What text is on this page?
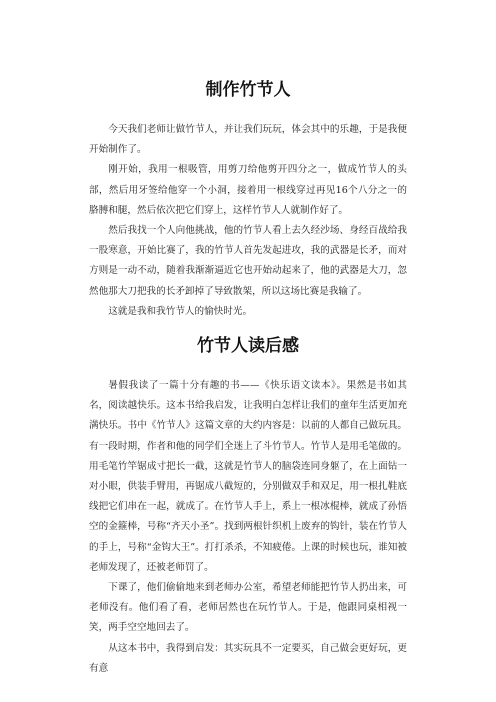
制作竹节人

今天我们老师让做竹节人，并让我们玩玩，体会其中的乐趣，于是我便开始制作了。

刚开始，我用一根吸管，用剪刀给他剪开四分之一，做成竹节人的头部，然后用牙签给他穿一个小洞，接着用一根线穿过再见16个八分之一的胳膊和腿，然后依次把它们穿上，这样竹节人人就制作好了。

然后我找一个人向他挑战，他的竹节人看上去久经沙场、身经百战给我一股寒意，开始比赛了，我的竹节人首先发起进攻，我的武器是长矛，而对方则是一动不动，随着我渐渐逼近它也开始动起来了，他的武器是大刀，忽然他那大刀把我的长矛卸掉了导致散架，所以这场比赛是我输了。

这就是我和我竹节人的愉快时光。

竹节人读后感

暑假我读了一篇十分有趣的书——《快乐语文读本》。果然是书如其名，阅读越快乐。这本书给我启发，让我明白怎样让我们的童年生活更加充满快乐。书中《竹节人》这篇文章的大约内容是：以前的人都自己做玩具。有一段时期，作者和他的同学们全迷上了斗竹节人。竹节人是用毛笔做的。用毛笔竹竿锯成寸把长一截，这就是竹节人的脑袋连同身躯了，在上面钻一对小眼，供装手臂用，再锯成八截短的，分别做双手和双足，用一根扎鞋底线把它们串在一起，就成了。在竹节人手上，系上一根冰棍棒，就成了孙悟空的金箍棒，号称“齐天小圣”。找到两根针织机上废弃的钩针，装在竹节人的手上，号称“金钩大王”。打打杀杀，不知疲倦。上课的时候也玩，谁知被老师发现了，还被老师罚了。

下课了，他们偷偷地来到老师办公室，希望老师能把竹节人扔出来，可老师没有。他们看了看，老师居然也在玩竹节人。于是，他跟同桌相视一笑，两手空空地回去了。

从这本书中，我得到启发：其实玩具不一定要买，自己做会更好玩，更有意
